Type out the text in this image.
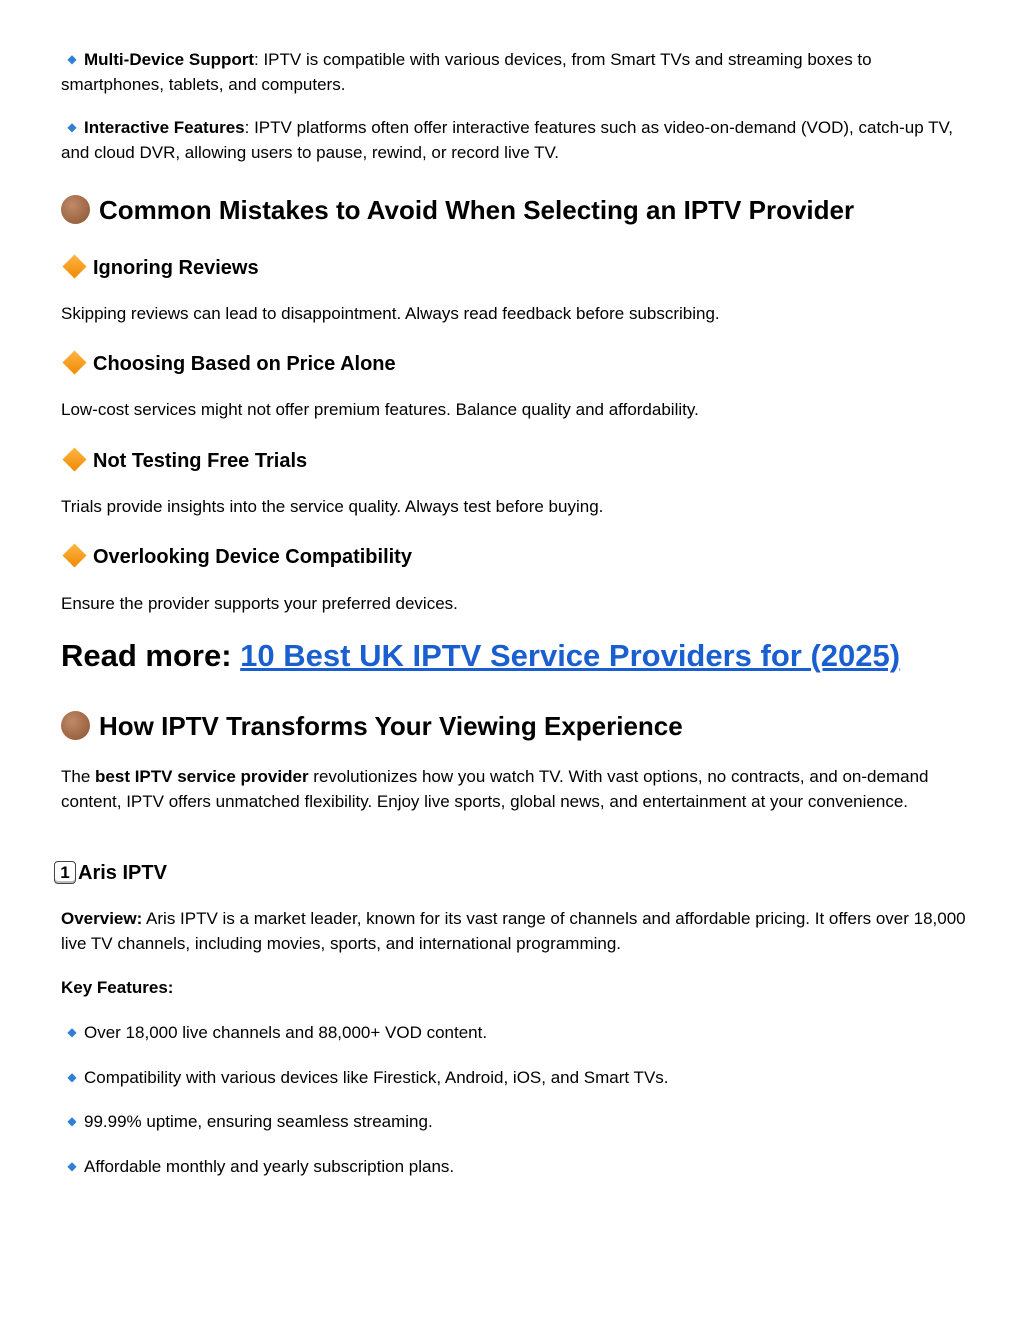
◆ Multi-Device Support: IPTV is compatible with various devices, from Smart TVs and streaming boxes to smartphones, tablets, and computers.
◆ Interactive Features: IPTV platforms often offer interactive features such as video-on-demand (VOD), catch-up TV, and cloud DVR, allowing users to pause, rewind, or record live TV.
Common Mistakes to Avoid When Selecting an IPTV Provider
Ignoring Reviews
Skipping reviews can lead to disappointment. Always read feedback before subscribing.
Choosing Based on Price Alone
Low-cost services might not offer premium features. Balance quality and affordability.
Not Testing Free Trials
Trials provide insights into the service quality. Always test before buying.
Overlooking Device Compatibility
Ensure the provider supports your preferred devices.
Read more: 10 Best UK IPTV Service Providers for (2025)
How IPTV Transforms Your Viewing Experience
The best IPTV service provider revolutionizes how you watch TV. With vast options, no contracts, and on-demand content, IPTV offers unmatched flexibility. Enjoy live sports, global news, and entertainment at your convenience.
1 Aris IPTV
Overview: Aris IPTV is a market leader, known for its vast range of channels and affordable pricing. It offers over 18,000 live TV channels, including movies, sports, and international programming.
Key Features:
◆ Over 18,000 live channels and 88,000+ VOD content.
◆ Compatibility with various devices like Firestick, Android, iOS, and Smart TVs.
◆ 99.99% uptime, ensuring seamless streaming.
◆ Affordable monthly and yearly subscription plans.
